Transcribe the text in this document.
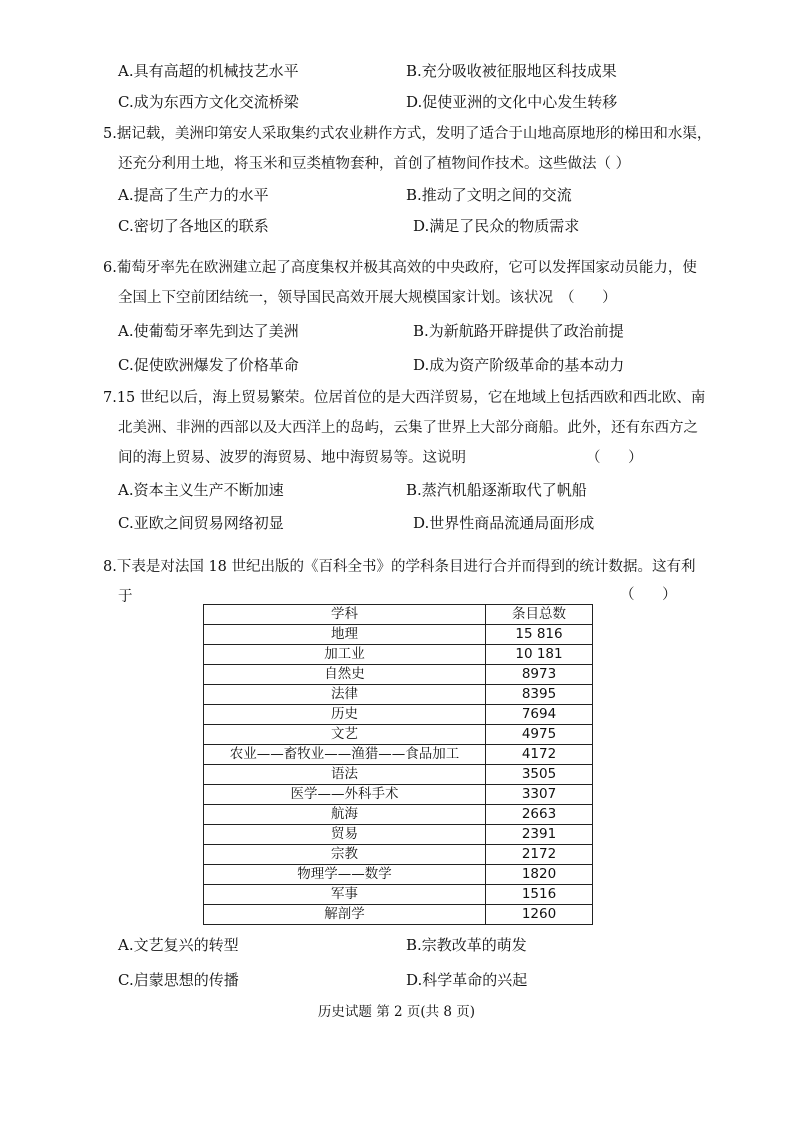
A.具有高超的机械技艺水平	B.充分吸收被征服地区科技成果
C.成为东西方文化交流桥梁	D.促使亚洲的文化中心发生转移
5.据记载，美洲印第安人采取集约式农业耕作方式，发明了适合于山地高原地形的梯田和水渠，
还充分利用土地，将玉米和豆类植物套种，首创了植物间作技术。这些做法（ ）
A.提高了生产力的水平	B.推动了文明之间的交流
C.密切了各地区的联系	D.满足了民众的物质需求
6.葡萄牙率先在欧洲建立起了高度集权并极其高效的中央政府，它可以发挥国家动员能力，使
全国上下空前团结统一，领导国民高效开展大规模国家计划。该状况 （      ）
A.使葡萄牙率先到达了美洲	B.为新航路开辟提供了政治前提
C.促使欧洲爆发了价格革命	D.成为资产阶级革命的基本动力
7.15 世纪以后，海上贸易繁荣。位居首位的是大西洋贸易，它在地域上包括西欧和西北欧、南
北美洲、非洲的西部以及大西洋上的岛屿，云集了世界上大部分商船。此外，还有东西方之
间的海上贸易、波罗的海贸易、地中海贸易等。这说明	（      ）
A.资本主义生产不断加速	B.蒸汽机船逐渐取代了帆船
C.亚欧之间贸易网络初显	D.世界性商品流通局面形成
8.下表是对法国 18 世纪出版的《百科全书》的学科条目进行合并而得到的统计数据。这有利
于	（      ）
学科	条目总数
地理	15 816
加工业	10 181
自然史	8973
法律	8395
历史	7694
文艺	4975
农业——畜牧业——渔猎——食品加工	4172
语法	3505
医学——外科手术	3307
航海	2663
贸易	2391
宗教	2172
物理学——数学	1820
军事	1516
解剖学	1260
A.文艺复兴的转型	B.宗教改革的萌发
C.启蒙思想的传播	D.科学革命的兴起
历史试题 第 2 页(共 8 页)
